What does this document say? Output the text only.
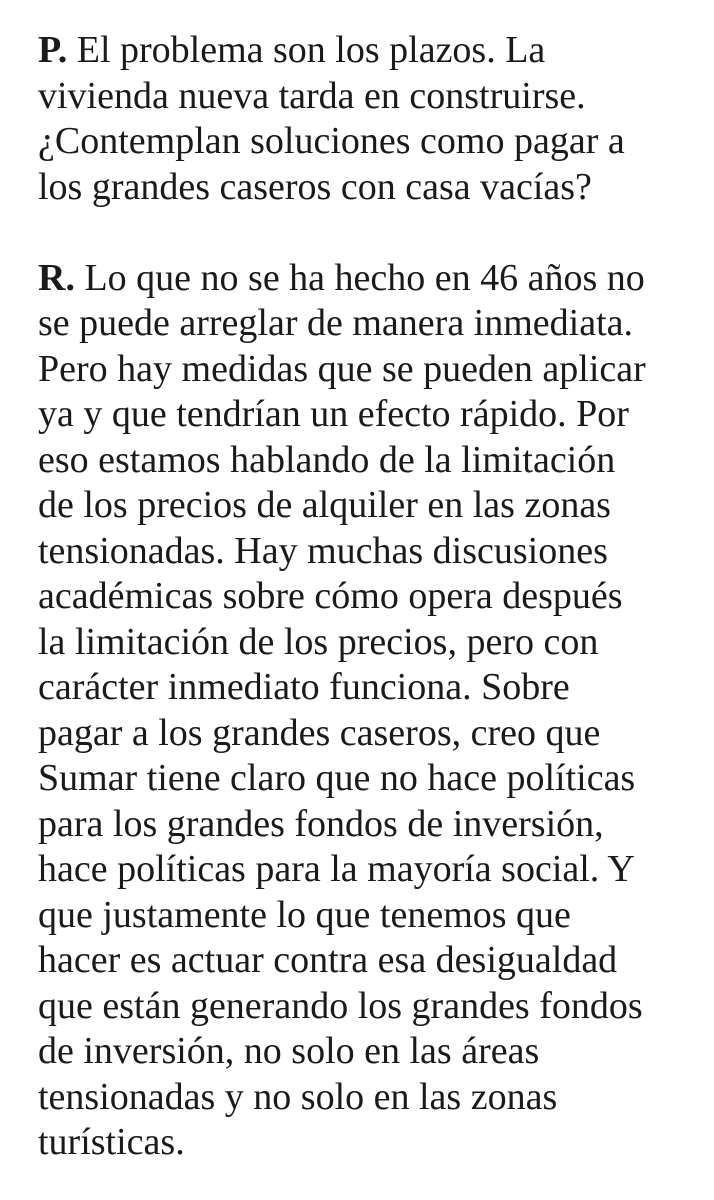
P. El problema son los plazos. La
vivienda nueva tarda en construirse.
¿Contemplan soluciones como pagar a
los grandes caseros con casa vacías?

R. Lo que no se ha hecho en 46 años no
se puede arreglar de manera inmediata.
Pero hay medidas que se pueden aplicar
ya y que tendrían un efecto rápido. Por
eso estamos hablando de la limitación
de los precios de alquiler en las zonas
tensionadas. Hay muchas discusiones
académicas sobre cómo opera después
la limitación de los precios, pero con
carácter inmediato funciona. Sobre
pagar a los grandes caseros, creo que
Sumar tiene claro que no hace políticas
para los grandes fondos de inversión,
hace políticas para la mayoría social. Y
que justamente lo que tenemos que
hacer es actuar contra esa desigualdad
que están generando los grandes fondos
de inversión, no solo en las áreas
tensionadas y no solo en las zonas
turísticas.
